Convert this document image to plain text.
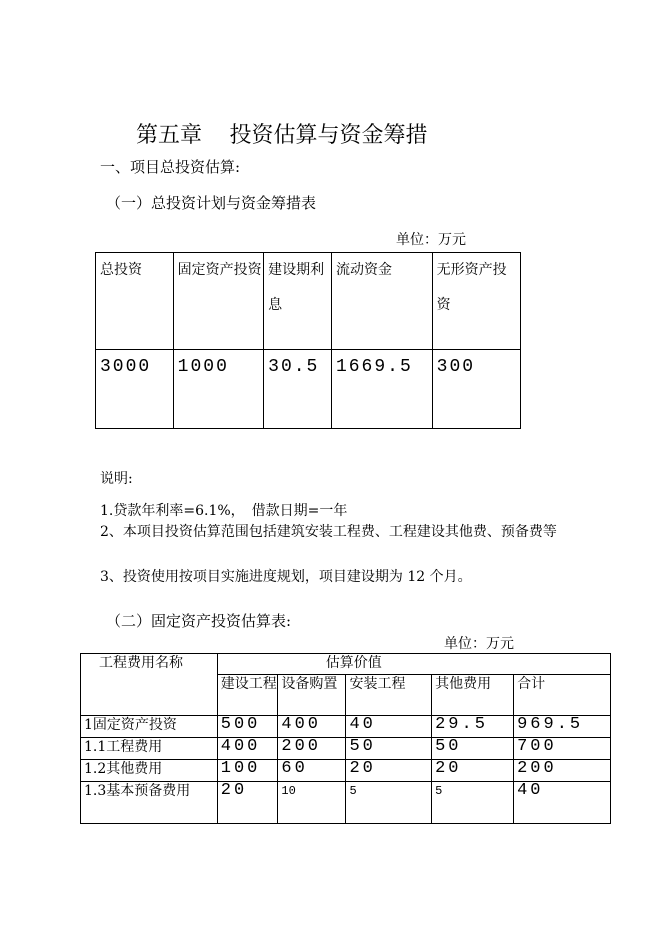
第五章　 投资估算与资金筹措
一、项目总投资估算:
（一）总投资计划与资金筹措表
单位：万元
总投资	固定资产投资	建设期利息	流动资金	无形资产投资
3000	1000	30.5	1669.5	300
说明:
1.贷款年利率=6.1%，　借款日期=一年
2、本项目投资估算范围包括建筑安装工程费、工程建设其他费、预备费等
3、投资使用按项目实施进度规划，项目建设期为 12 个月。
（二）固定资产投资估算表:
单位：万元
工程费用名称	估算价值				
	建设工程	设备购置	安装工程	其他费用	合计
1固定资产投资	500	400	40	29.5	969.5
1.1工程费用	400	200	50	50	700
1.2其他费用	100	60	20	20	200
1.3基本预备费用	20	10	5	5	40
